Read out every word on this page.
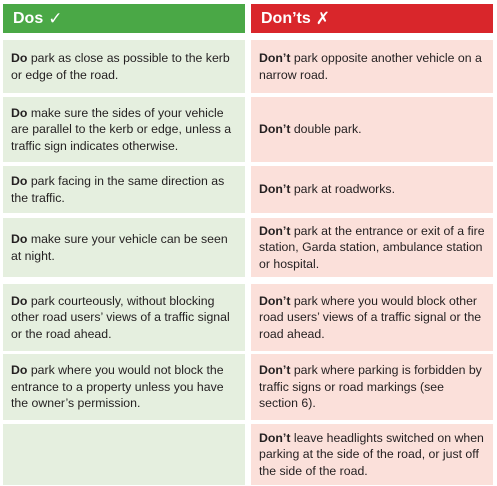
Dos ✓	Don’ts ✗
Do park as close as possible to the kerb or edge of the road.
Don’t park opposite another vehicle on a narrow road.
Do make sure the sides of your vehicle are parallel to the kerb or edge, unless a traffic sign indicates otherwise.
Don’t double park.
Do park facing in the same direction as the traffic.
Don’t park at roadworks.
Do make sure your vehicle can be seen at night.
Don’t park at the entrance or exit of a fire station, Garda station, ambulance station or hospital.
Do park courteously, without blocking other road users’ views of a traffic signal or the road ahead.
Don’t park where you would block other road users’ views of a traffic signal or the road ahead.
Do park where you would not block the entrance to a property unless you have the owner’s permission.
Don’t park where parking is forbidden by traffic signs or road markings (see section 6).
Don’t leave headlights switched on when parking at the side of the road, or just off the side of the road.
